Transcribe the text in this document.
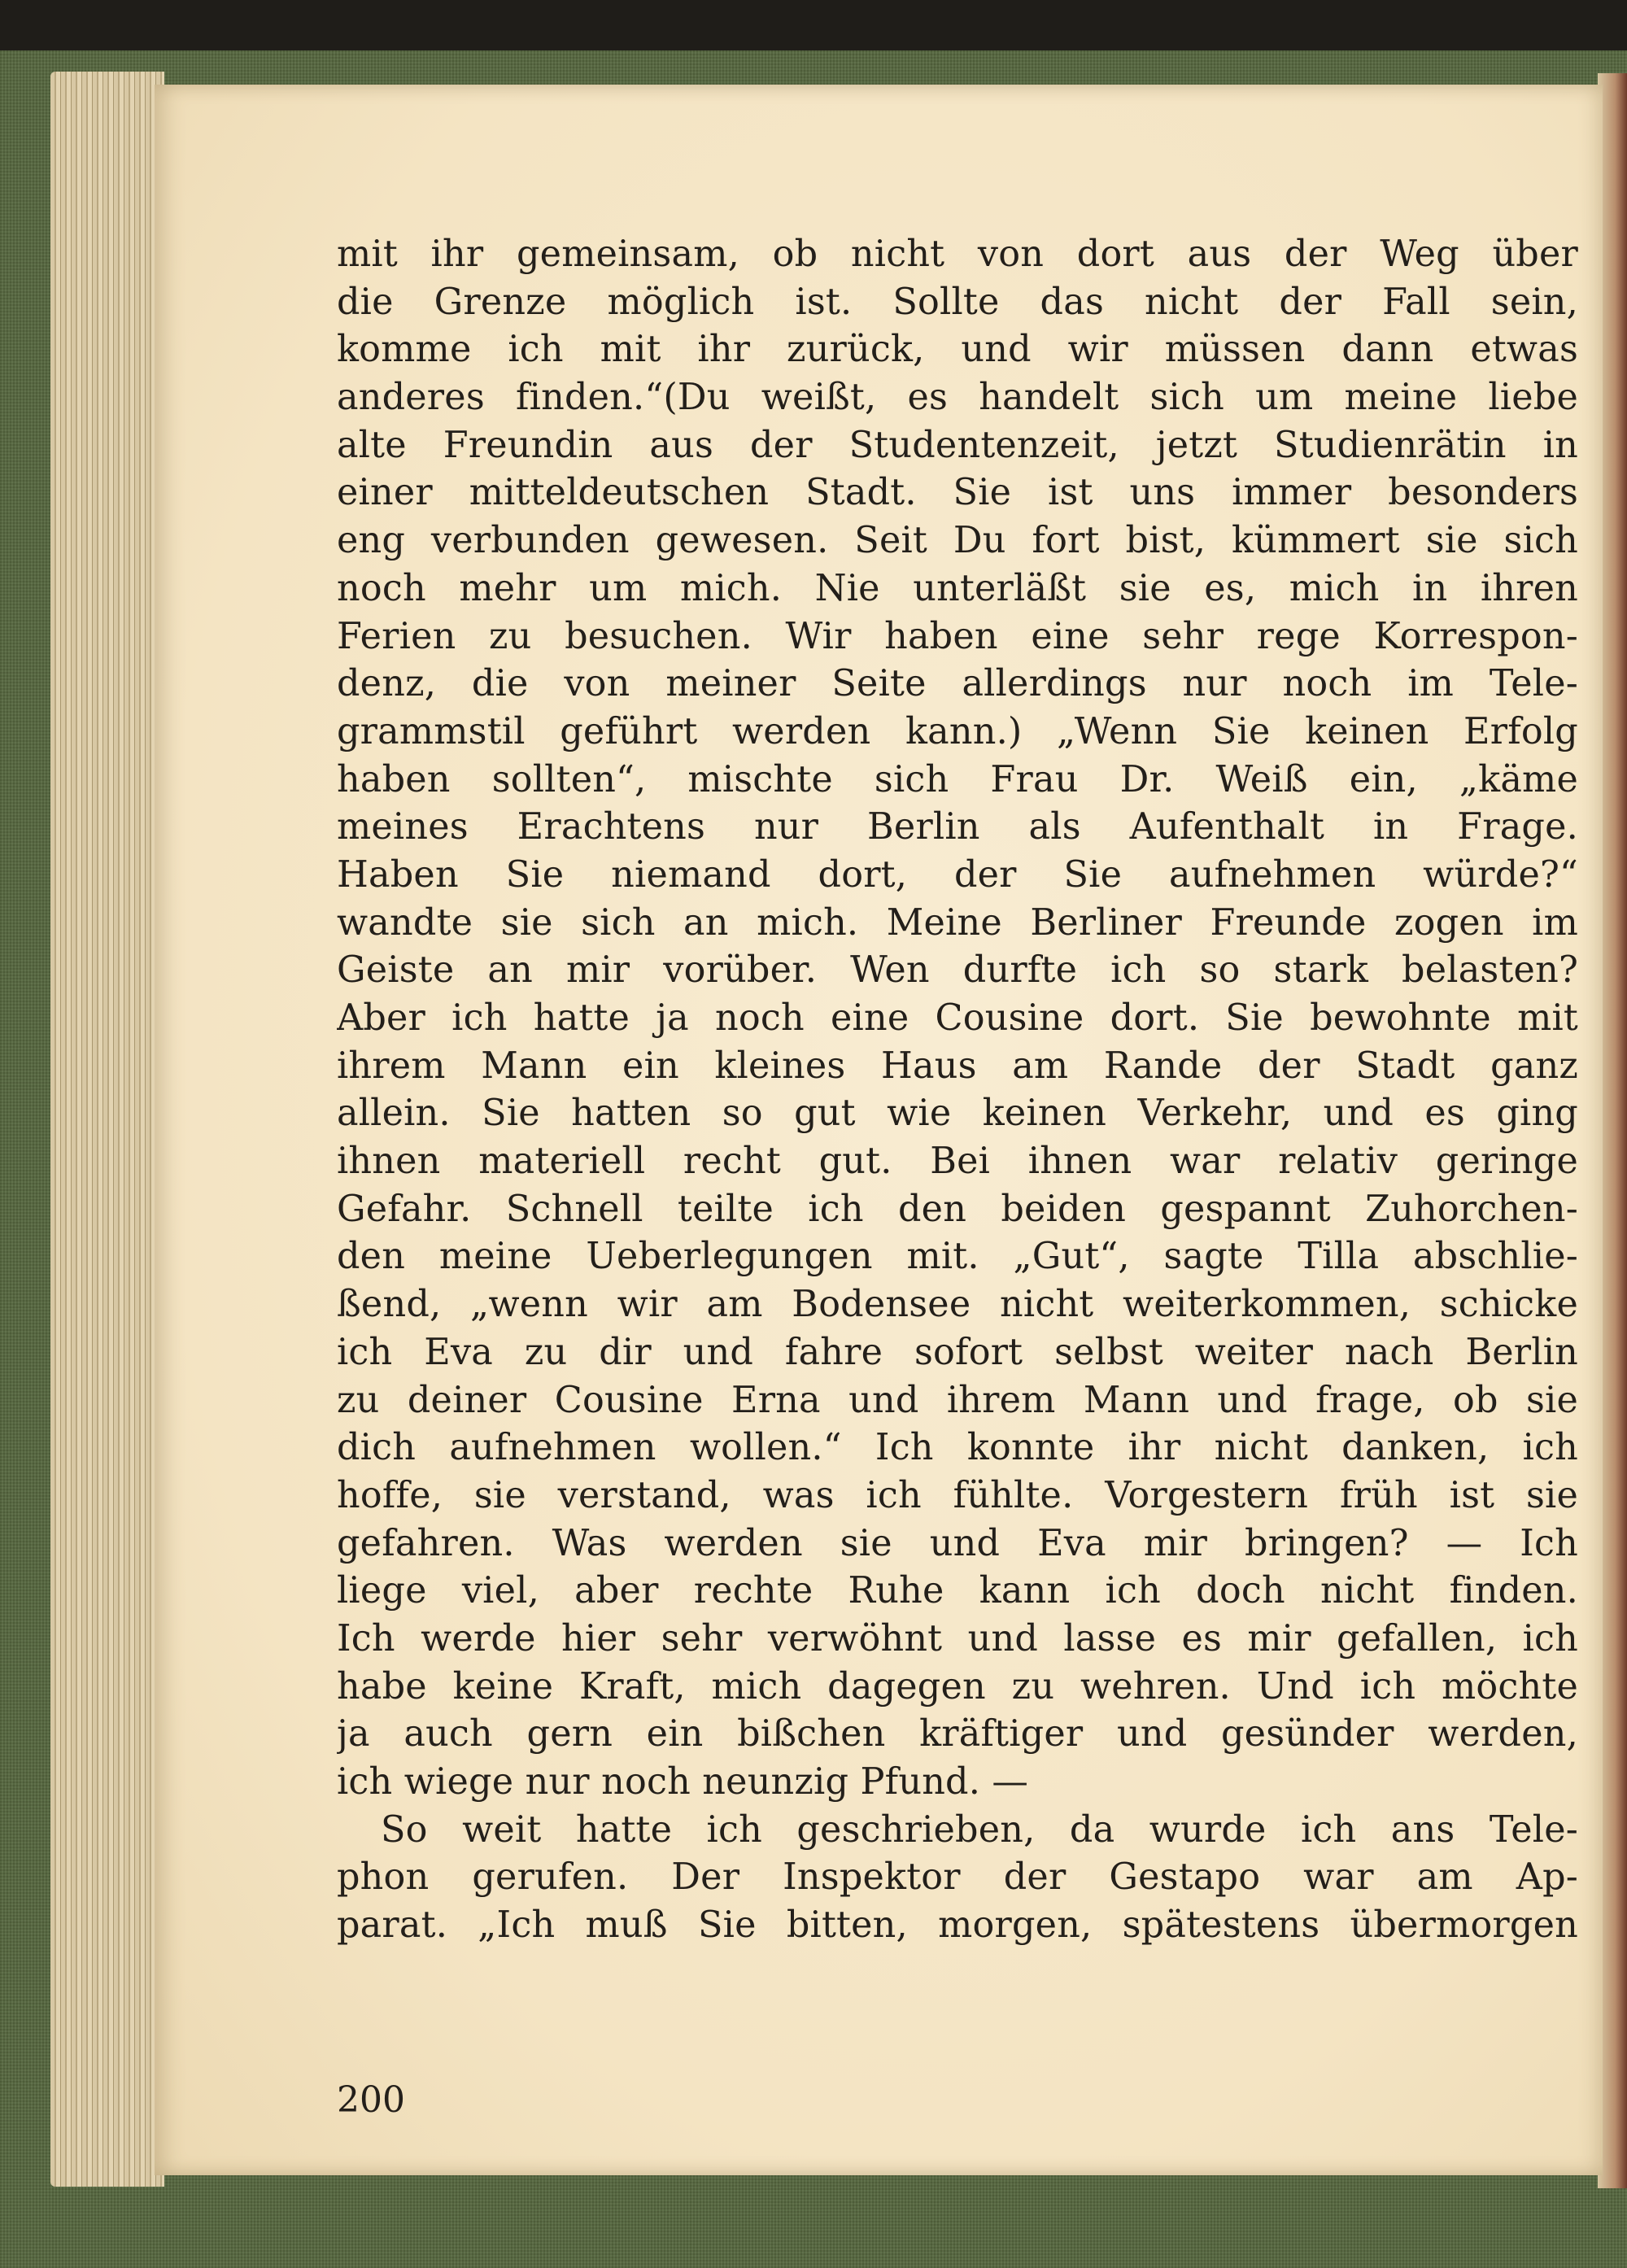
mit ihr gemeinsam, ob nicht von dort aus der Weg über
die Grenze möglich ist. Sollte das nicht der Fall sein,
komme ich mit ihr zurück, und wir müssen dann etwas
anderes finden.“(Du weißt, es handelt sich um meine liebe
alte Freundin aus der Studentenzeit, jetzt Studienrätin in
einer mitteldeutschen Stadt. Sie ist uns immer besonders
eng verbunden gewesen. Seit Du fort bist, kümmert sie sich
noch mehr um mich. Nie unterläßt sie es, mich in ihren
Ferien zu besuchen. Wir haben eine sehr rege Korrespon-
denz, die von meiner Seite allerdings nur noch im Tele-
grammstil geführt werden kann.) „Wenn Sie keinen Erfolg
haben sollten“, mischte sich Frau Dr. Weiß ein, „käme
meines Erachtens nur Berlin als Aufenthalt in Frage.
Haben Sie niemand dort, der Sie aufnehmen würde?“
wandte sie sich an mich. Meine Berliner Freunde zogen im
Geiste an mir vorüber. Wen durfte ich so stark belasten?
Aber ich hatte ja noch eine Cousine dort. Sie bewohnte mit
ihrem Mann ein kleines Haus am Rande der Stadt ganz
allein. Sie hatten so gut wie keinen Verkehr, und es ging
ihnen materiell recht gut. Bei ihnen war relativ geringe
Gefahr. Schnell teilte ich den beiden gespannt Zuhorchen-
den meine Ueberlegungen mit. „Gut“, sagte Tilla abschlie-
ßend, „wenn wir am Bodensee nicht weiterkommen, schicke
ich Eva zu dir und fahre sofort selbst weiter nach Berlin
zu deiner Cousine Erna und ihrem Mann und frage, ob sie
dich aufnehmen wollen.“ Ich konnte ihr nicht danken, ich
hoffe, sie verstand, was ich fühlte. Vorgestern früh ist sie
gefahren. Was werden sie und Eva mir bringen? — Ich
liege viel, aber rechte Ruhe kann ich doch nicht finden.
Ich werde hier sehr verwöhnt und lasse es mir gefallen, ich
habe keine Kraft, mich dagegen zu wehren. Und ich möchte
ja auch gern ein bißchen kräftiger und gesünder werden,
ich wiege nur noch neunzig Pfund. —
So weit hatte ich geschrieben, da wurde ich ans Tele-
phon gerufen. Der Inspektor der Gestapo war am Ap-
parat. „Ich muß Sie bitten, morgen, spätestens übermorgen
200
